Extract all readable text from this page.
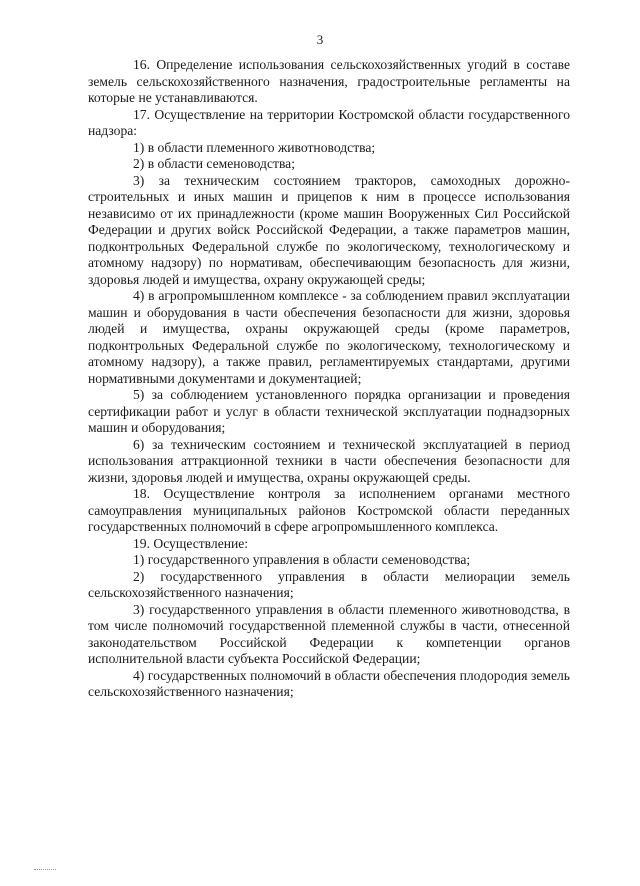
3

16. Определение использования сельскохозяйственных угодий в составе земель сельскохозяйственного назначения, градостроительные регламенты на которые не устанавливаются.

17. Осуществление на территории Костромской области государственного надзора:

1) в области племенного животноводства;

2) в области семеноводства;

3) за техническим состоянием тракторов, самоходных дорожно-строительных и иных машин и прицепов к ним в процессе использования независимо от их принадлежности (кроме машин Вооруженных Сил Российской Федерации и других войск Российской Федерации, а также параметров машин, подконтрольных Федеральной службе по экологическому, технологическому и атомному надзору) по нормативам, обеспечивающим безопасность для жизни, здоровья людей и имущества, охрану окружающей среды;

4) в агропромышленном комплексе - за соблюдением правил эксплуатации машин и оборудования в части обеспечения безопасности для жизни, здоровья людей и имущества, охраны окружающей среды (кроме параметров, подконтрольных Федеральной службе по экологическому, технологическому и атомному надзору), а также правил, регламентируемых стандартами, другими нормативными документами и документацией;

5) за соблюдением установленного порядка организации и проведения сертификации работ и услуг в области технической эксплуатации поднадзорных машин и оборудования;

6) за техническим состоянием и технической эксплуатацией в период использования аттракционной техники в части обеспечения безопасности для жизни, здоровья людей и имущества, охраны окружающей среды.

18. Осуществление контроля за исполнением органами местного самоуправления муниципальных районов Костромской области переданных государственных полномочий в сфере агропромышленного комплекса.

19. Осуществление:

1) государственного управления в области семеноводства;

2) государственного управления в области мелиорации земель сельскохозяйственного назначения;

3) государственного управления в области племенного животноводства, в том числе полномочий государственной племенной службы в части, отнесенной законодательством Российской Федерации к компетенции органов исполнительной власти субъекта Российской Федерации;

4) государственных полномочий в области обеспечения плодородия земель сельскохозяйственного назначения;
